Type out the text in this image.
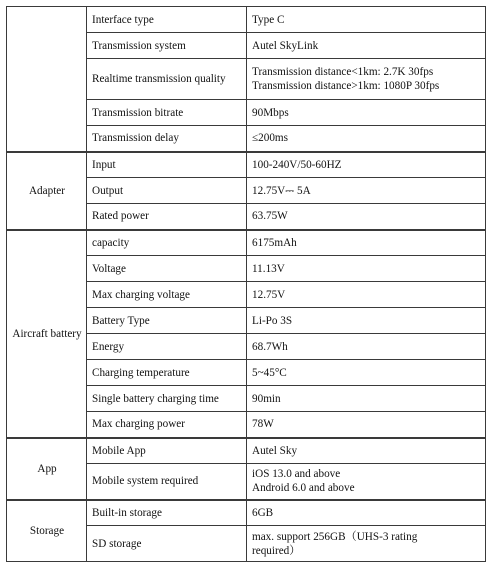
	Interface type	Type C
	Transmission system	Autel SkyLink
	Realtime transmission quality	Transmission distance<1km: 2.7K 30fps
Transmission distance>1km: 1080P 30fps

	Transmission bitrate	90Mbps
	Transmission delay	≤200ms
Adapter	Input	100-240V/50-60HZ
	Output	12.75V⎓ 5A
	Rated power	63.75W
Aircraft battery	capacity	6175mAh
	Voltage	11.13V
	Max charging voltage	12.75V
	Battery Type	Li-Po 3S
	Energy	68.7Wh
	Charging temperature	5~45°C
	Single battery charging time	90min
	Max charging power	78W
App	Mobile App	Autel Sky
	Mobile system required	iOS 13.0 and above
Android 6.0 and above

Storage	Built-in storage	6GB
	SD storage	max. support 256GB（UHS-3 rating
required）
